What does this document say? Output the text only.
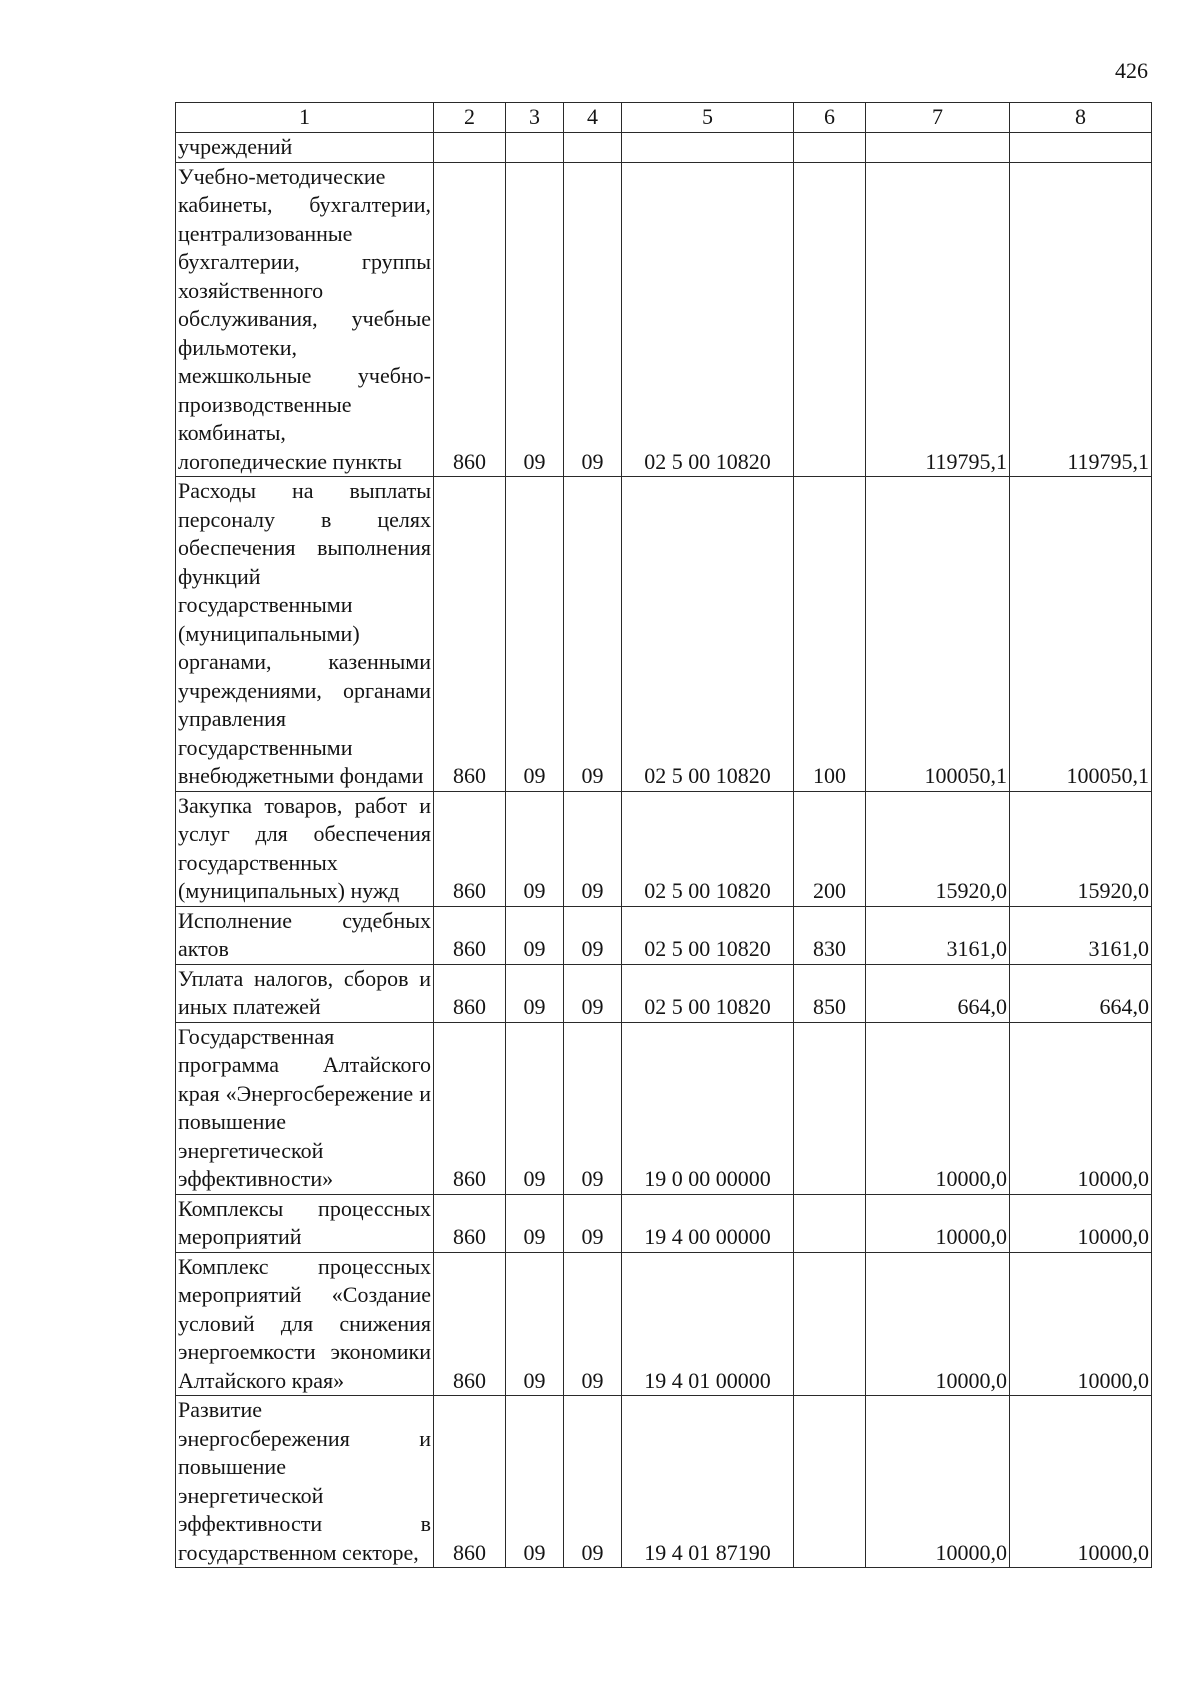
426
1	2	3	4	5	6	7	8
учреждений							
Учебно-методические кабинеты, бухгалтерии, централизованные бухгалтерии, группы хозяйственного обслуживания, учебные фильмотеки, межшкольные учебно-производственные комбинаты, логопедические пункты	860	09	09	02 5 00 10820		119795,1	119795,1
Расходы на выплаты персоналу в целях обеспечения выполнения функций государственными (муниципальными) органами, казенными учреждениями, органами управления государственными внебюджетными фондами	860	09	09	02 5 00 10820	100	100050,1	100050,1
Закупка товаров, работ и услуг для обеспечения государственных (муниципальных) нужд	860	09	09	02 5 00 10820	200	15920,0	15920,0
Исполнение судебных актов	860	09	09	02 5 00 10820	830	3161,0	3161,0
Уплата налогов, сборов и иных платежей	860	09	09	02 5 00 10820	850	664,0	664,0
Государственная программа Алтайского края «Энергосбережение и повышение энергетической эффективности»	860	09	09	19 0 00 00000		10000,0	10000,0
Комплексы процессных мероприятий	860	09	09	19 4 00 00000		10000,0	10000,0
Комплекс процессных мероприятий «Создание условий для снижения энергоемкости экономики Алтайского края»	860	09	09	19 4 01 00000		10000,0	10000,0
Развитие энергосбережения и повышение энергетической эффективности в государственном секторе,	860	09	09	19 4 01 87190		10000,0	10000,0
